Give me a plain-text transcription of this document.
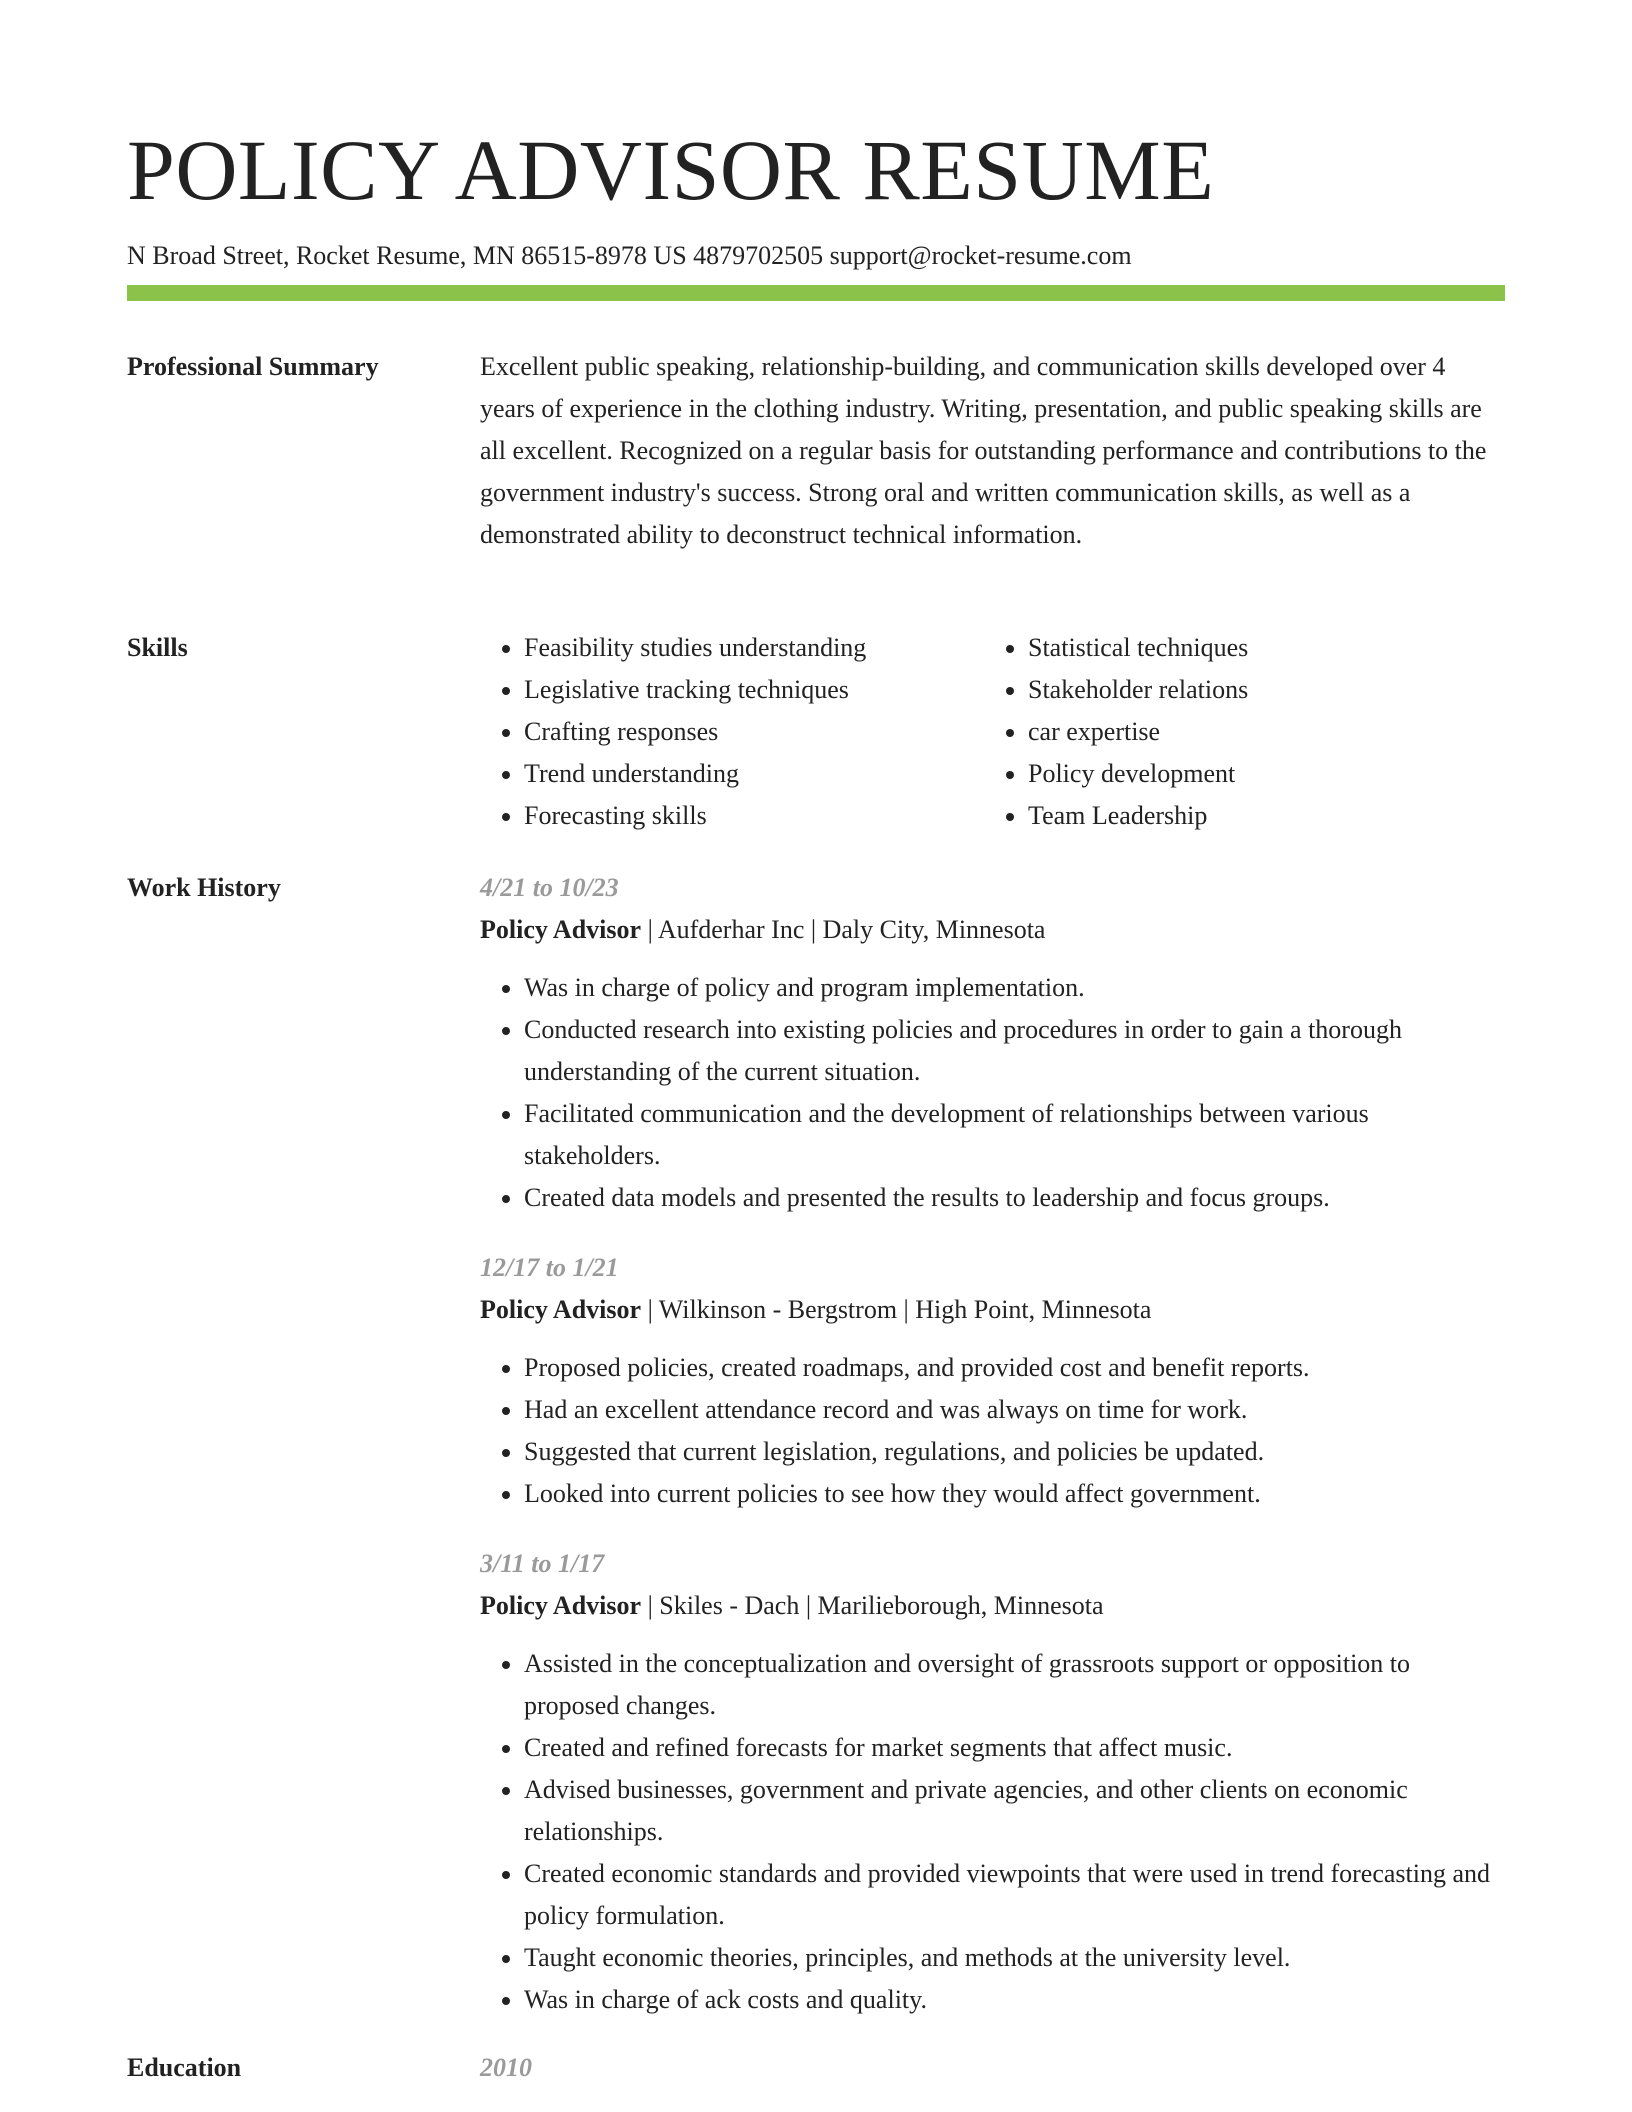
POLICY ADVISOR RESUME
N Broad Street, Rocket Resume, MN 86515-8978 US 4879702505 support@rocket-resume.com
Professional Summary	Excellent public speaking, relationship-building, and communication skills developed over 4 years of experience in the clothing industry. Writing, presentation, and public speaking skills are all excellent. Recognized on a regular basis for outstanding performance and contributions to the government industry's success. Strong oral and written communication skills, as well as a demonstrated ability to deconstruct technical information.

Skills
•	Feasibility studies understanding
• Legislative tracking techniques
• Crafting responses
• Trend understanding
• Forecasting skills
• Statistical techniques
• Stakeholder relations
• car expertise
• Policy development
• Team Leadership
Work History	4/21 to 10/23
Policy Advisor | Aufderhar Inc | Daly City, Minnesota
• Was in charge of policy and program implementation.
• Conducted research into existing policies and procedures in order to gain a thorough understanding of the current situation.
• Facilitated communication and the development of relationships between various stakeholders.
• Created data models and presented the results to leadership and focus groups.
12/17 to 1/21
Policy Advisor | Wilkinson - Bergstrom | High Point, Minnesota
• Proposed policies, created roadmaps, and provided cost and benefit reports.
• Had an excellent attendance record and was always on time for work.
• Suggested that current legislation, regulations, and policies be updated.
• Looked into current policies to see how they would affect government.
3/11 to 1/17
Policy Advisor | Skiles - Dach | Marilieborough, Minnesota
• Assisted in the conceptualization and oversight of grassroots support or opposition to proposed changes.
• Created and refined forecasts for market segments that affect music.
• Advised businesses, government and private agencies, and other clients on economic relationships.
• Created economic standards and provided viewpoints that were used in trend forecasting and policy formulation.
• Taught economic theories, principles, and methods at the university level.
• Was in charge of ack costs and quality.
Education	2010
